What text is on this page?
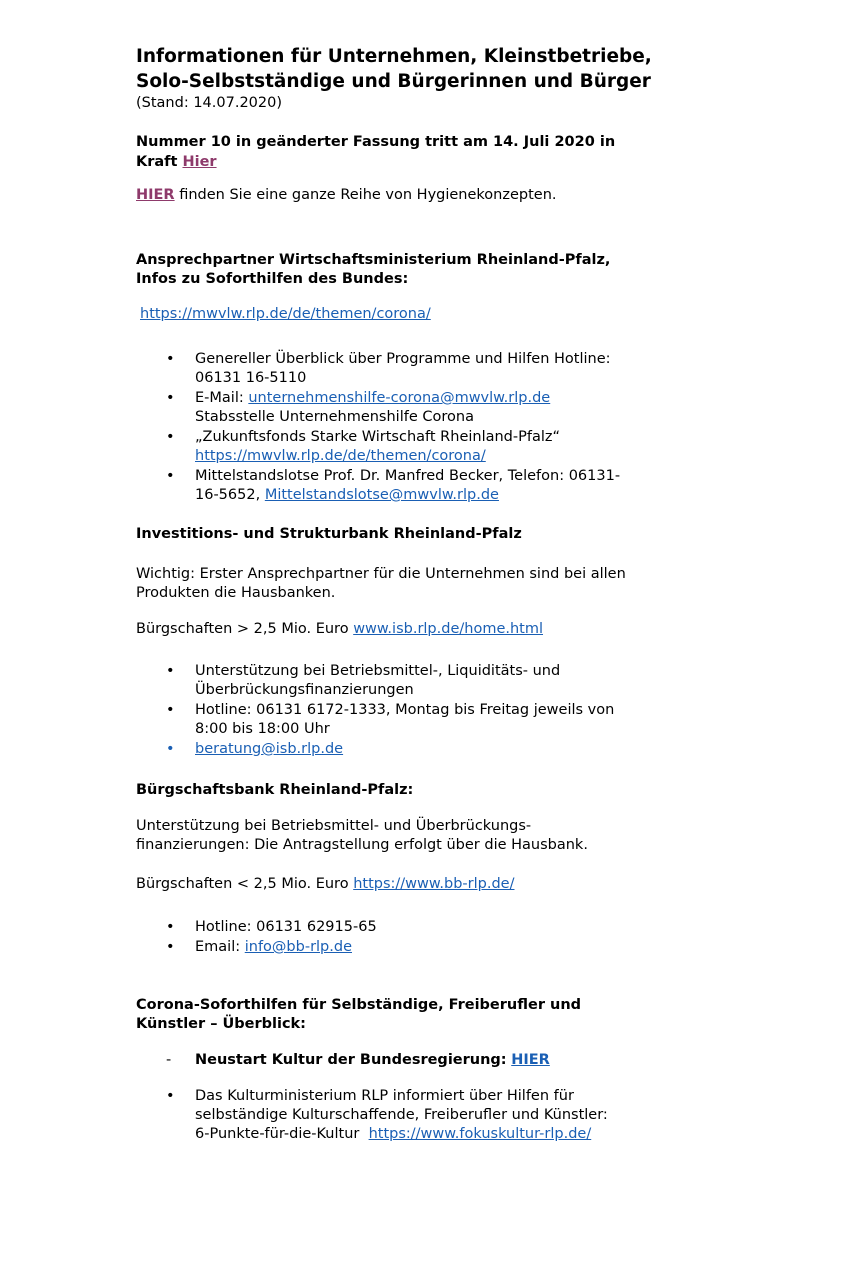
Informationen für Unternehmen, Kleinstbetriebe,

Solo-Selbstständige und Bürgerinnen und Bürger

(Stand: 14.07.2020)

Nummer 10 in geänderter Fassung tritt am 14. Juli 2020 in Kraft Hier

HIER finden Sie eine ganze Reihe von Hygienekonzepten.

Ansprechpartner Wirtschaftsministerium Rheinland-Pfalz,

Infos zu Soforthilfen des Bundes:

https://mwvlw.rlp.de/de/themen/corona/

• Genereller Überblick über Programme und Hilfen Hotline:
06131 16-5110
• E-Mail: unternehmenshilfe-corona@mwvlw.rlp.de
Stabsstelle Unternehmenshilfe Corona
• „Zukunftsfonds Starke Wirtschaft Rheinland-Pfalz“
https://mwvlw.rlp.de/de/themen/corona/
• Mittelstandslotse Prof. Dr. Manfred Becker, Telefon: 06131-
16-5652, Mittelstandslotse@mwvlw.rlp.de

Investitions- und Strukturbank Rheinland-Pfalz

Wichtig: Erster Ansprechpartner für die Unternehmen sind bei allen

Produkten die Hausbanken.

Bürgschaften > 2,5 Mio. Euro www.isb.rlp.de/home.html

• Unterstützung bei Betriebsmittel-, Liquiditäts- und
Überbrückungsfinanzierungen
• Hotline: 06131 6172-1333, Montag bis Freitag jeweils von
8:00 bis 18:00 Uhr
• beratung@isb.rlp.de

Bürgschaftsbank Rheinland-Pfalz:

Unterstützung bei Betriebsmittel- und Überbrückungs-

finanzierungen: Die Antragstellung erfolgt über die Hausbank.

Bürgschaften < 2,5 Mio. Euro https://www.bb-rlp.de/

• Hotline: 06131 62915-65
• Email: info@bb-rlp.de

Corona-Soforthilfen für Selbständige, Freiberufler und

Künstler – Überblick:

- Neustart Kultur der Bundesregierung: HIER
• Das Kulturministerium RLP informiert über Hilfen für
selbständige Kulturschaffende, Freiberufler und Künstler:
6-Punkte-für-die-Kultur https://www.fokuskultur-rlp.de/
